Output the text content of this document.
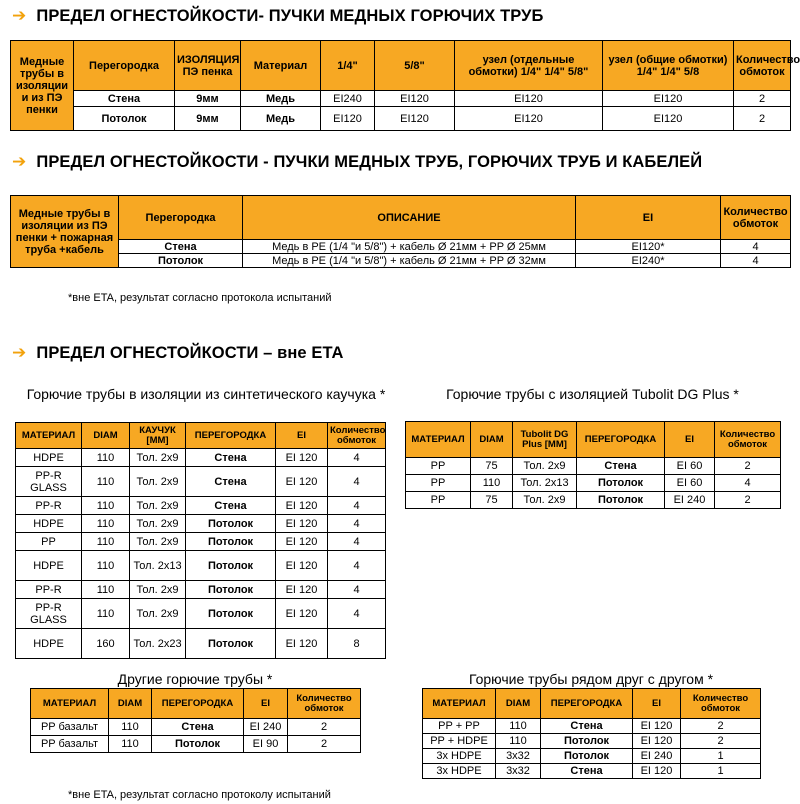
➔ ПРЕДЕЛ ОГНЕСТОЙКОСТИ- ПУЧКИ МЕДНЫХ ГОРЮЧИХ ТРУБ
Медные трубы в изоляции и из ПЭ пенки	Перегородка	ИЗОЛЯЦИЯ ПЭ пенка	Материал	1/4"	5/8"	узел (отдельные обмотки) 1/4" 1/4" 5/8"	узел (общие обмотки) 1/4" 1/4" 5/8	Количество обмоток
	Стена	9мм	Медь	EI240	EI120	EI120	EI120	2
	Потолок	9мм	Медь	EI120	EI120	EI120	EI120	2
➔ ПРЕДЕЛ ОГНЕСТОЙКОСТИ - ПУЧКИ МЕДНЫХ ТРУБ, ГОРЮЧИХ ТРУБ И КАБЕЛЕЙ
Медные трубы в изоляции из ПЭ пенки + пожарная труба +кабель	Перегородка	ОПИСАНИЕ	EI	Количество обмоток
	Стена	Медь в PE (1/4 "и 5/8") + кабель Ø 21мм + PP Ø 25мм	EI120*	4
	Потолок	Медь в PE (1/4 "и 5/8") + кабель Ø 21мм + PP Ø 32мм	EI240*	4
*вне ETA, результат согласно протокола испытаний
➔ ПРЕДЕЛ ОГНЕСТОЙКОСТИ – вне ETA
Горючие трубы в изоляции из синтетического каучука *
МАТЕРИАЛ	DIAM	КАУЧУК [MM]	ПЕРЕГОРОДКА	EI	Количество обмоток
HDPE	110	Тол. 2x9	Стена	EI 120	4
PP-R GLASS	110	Тол. 2x9	Стена	EI 120	4
PP-R	110	Тол. 2x9	Стена	EI 120	4
HDPE	110	Тол. 2x9	Потолок	EI 120	4
PP	110	Тол. 2x9	Потолок	EI 120	4
HDPE	110	Тол. 2x13	Потолок	EI 120	4
PP-R	110	Тол. 2x9	Потолок	EI 120	4
PP-R GLASS	110	Тол. 2x9	Потолок	EI 120	4
HDPE	160	Тол. 2x23	Потолок	EI 120	8
Горючие трубы с изоляцией Tubolit DG Plus *
МАТЕРИАЛ	DIAM	Tubolit DG Plus [MM]	ПЕРЕГОРОДКА	EI	Количество обмоток
PP	75	Тол. 2x9	Стена	EI 60	2
PP	110	Тол. 2x13	Потолок	EI 60	4
PP	75	Тол. 2x9	Потолок	EI 240	2
Другие горючие трубы *
МАТЕРИАЛ	DIAM	ПЕРЕГОРОДКА	EI	Количество обмоток
PP базальт	110	Стена	EI 240	2
PP базальт	110	Потолок	EI 90	2
Горючие трубы рядом друг с другом *
МАТЕРИАЛ	DIAM	ПЕРЕГОРОДКА	EI	Количество обмоток
PP + PP	110	Стена	EI 120	2
PP + HDPE	110	Потолок	EI 120	2
3x HDPE	3x32	Потолок	EI 240	1
3x HDPE	3x32	Стена	EI 120	1
*вне ETA, результат согласно протоколу испытаний
